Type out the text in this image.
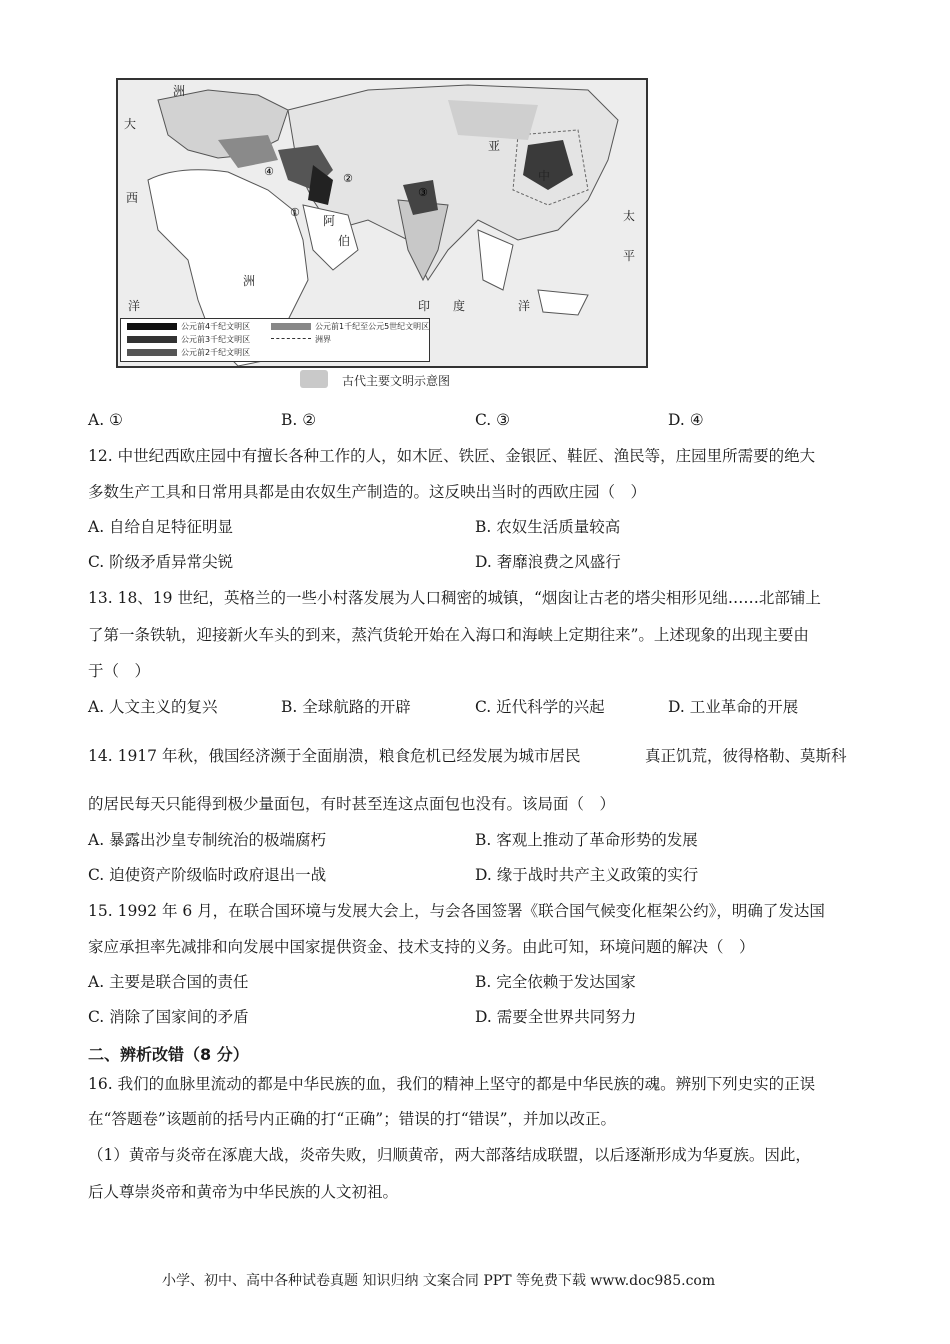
①
②
③
④
大
西
洋
太
平
印 度	洋
洲
洲
亚
中
阿
伯
公元前4千纪文明区
公元前3千纪文明区
公元前2千纪文明区
公元前1千纪至公元5世纪文明区
洲界
古代主要文明示意图
A. ①	B. ②	C. ③	D. ④
12. 中世纪西欧庄园中有擅长各种工作的人，如木匠、铁匠、金银匠、鞋匠、渔民等，庄园里所需要的绝大
多数生产工具和日常用具都是由农奴生产制造的。这反映出当时的西欧庄园（　）
A. 自给自足特征明显	B. 农奴生活质量较高
C. 阶级矛盾异常尖锐	D. 奢靡浪费之风盛行
13. 18、19 世纪，英格兰的一些小村落发展为人口稠密的城镇，“烟囱让古老的塔尖相形见绌……北部铺上
了第一条铁轨，迎接新火车头的到来，蒸汽货轮开始在入海口和海峡上定期往来”。上述现象的出现主要由
于（　）
A. 人文主义的复兴	B. 全球航路的开辟	C. 近代科学的兴起	D. 工业革命的开展
14. 1917 年秋，俄国经济濒于全面崩溃，粮食危机已经发展为城市居民	真正饥荒，彼得格勒、莫斯科
的居民每天只能得到极少量面包，有时甚至连这点面包也没有。该局面（　）
A. 暴露出沙皇专制统治的极端腐朽	B. 客观上推动了革命形势的发展
C. 迫使资产阶级临时政府退出一战	D. 缘于战时共产主义政策的实行
15. 1992 年 6 月，在联合国环境与发展大会上，与会各国签署《联合国气候变化框架公约》，明确了发达国
家应承担率先减排和向发展中国家提供资金、技术支持的义务。由此可知，环境问题的解决（　）
A. 主要是联合国的责任	B. 完全依赖于发达国家
C. 消除了国家间的矛盾	D. 需要全世界共同努力
二、辨析改错（8 分）
16. 我们的血脉里流动的都是中华民族的血，我们的精神上坚守的都是中华民族的魂。辨别下列史实的正误
在“答题卷”该题前的括号内正确的打“正确”；错误的打“错误”，并加以改正。
（1）黄帝与炎帝在涿鹿大战，炎帝失败，归顺黄帝，两大部落结成联盟，以后逐渐形成为华夏族。因此，
后人尊崇炎帝和黄帝为中华民族的人文初祖。
小学、初中、高中各种试卷真题 知识归纳 文案合同 PPT 等免费下载 www.doc985.com
